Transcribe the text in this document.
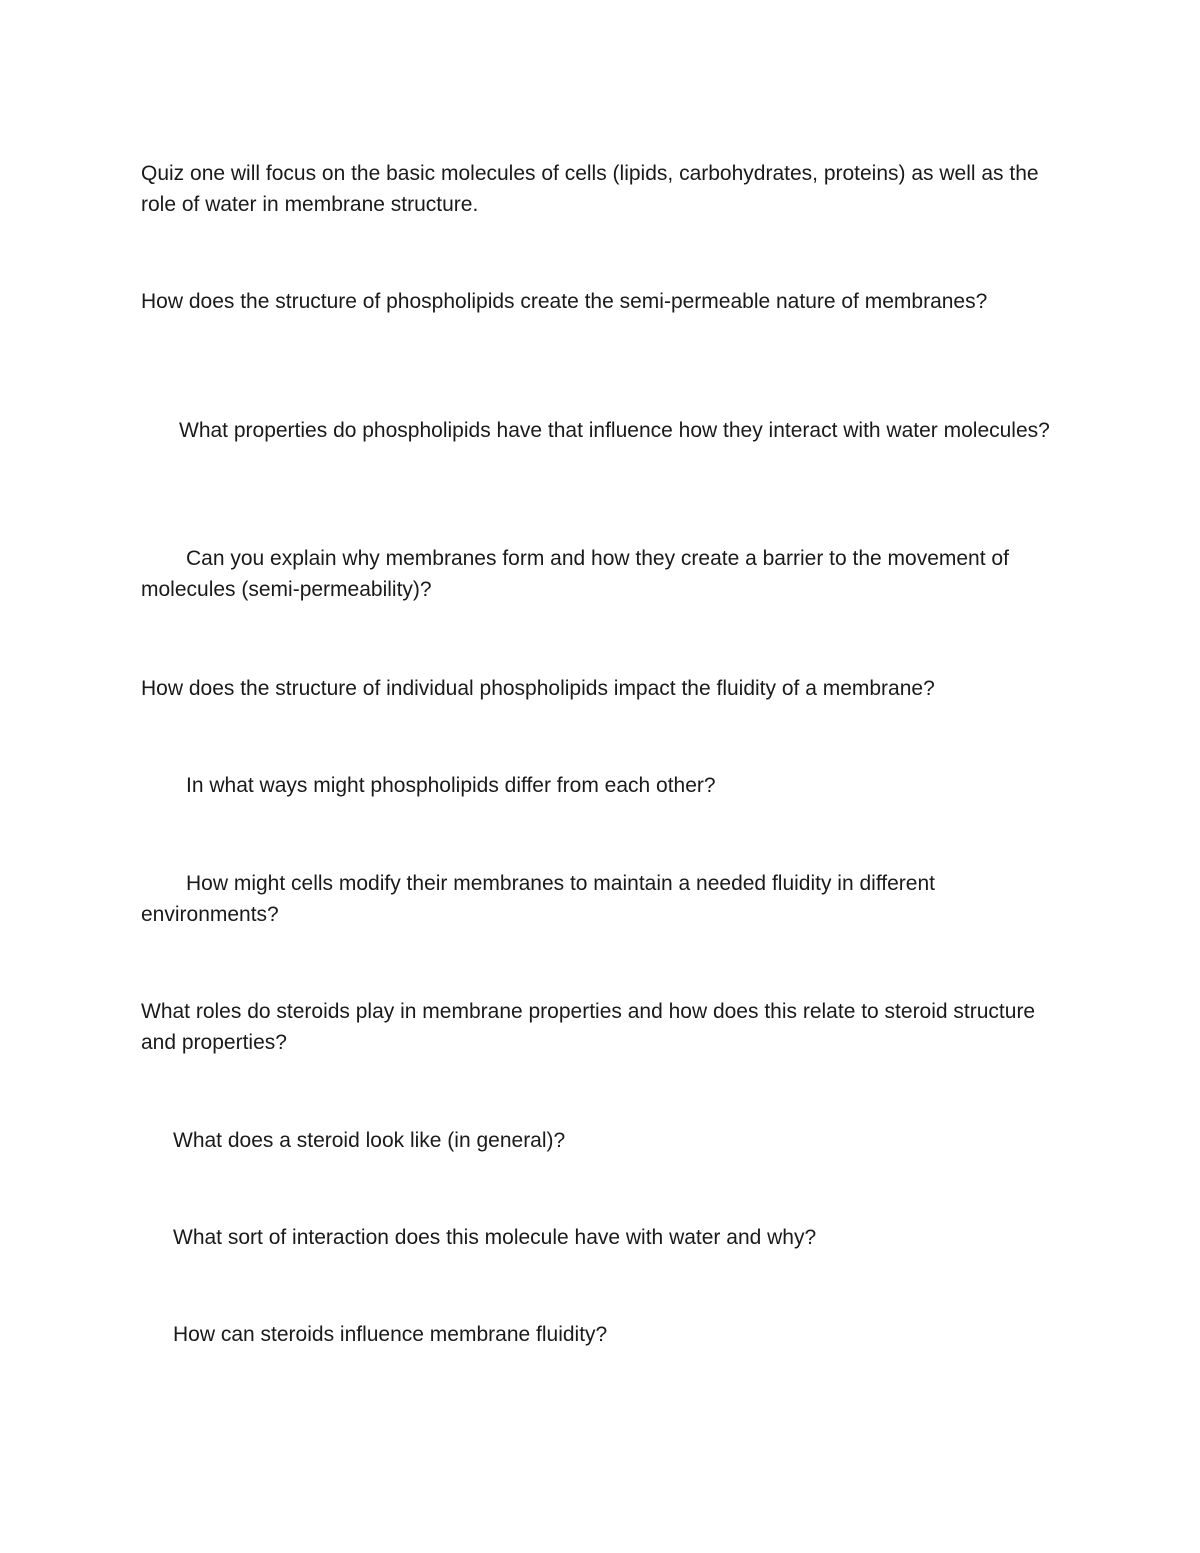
Quiz one will focus on the basic molecules of cells (lipids, carbohydrates, proteins) as well as the role of water in membrane structure.

How does the structure of phospholipids create the semi-permeable nature of membranes?

What properties do phospholipids have that influence how they interact with water molecules?

Can you explain why membranes form and how they create a barrier to the movement of molecules (semi-permeability)?

How does the structure of individual phospholipids impact the fluidity of a membrane?

In what ways might phospholipids differ from each other?

How might cells modify their membranes to maintain a needed fluidity in different environments?

What roles do steroids play in membrane properties and how does this relate to steroid structure and properties?

What does a steroid look like (in general)?

What sort of interaction does this molecule have with water and why?

How can steroids influence membrane fluidity?
